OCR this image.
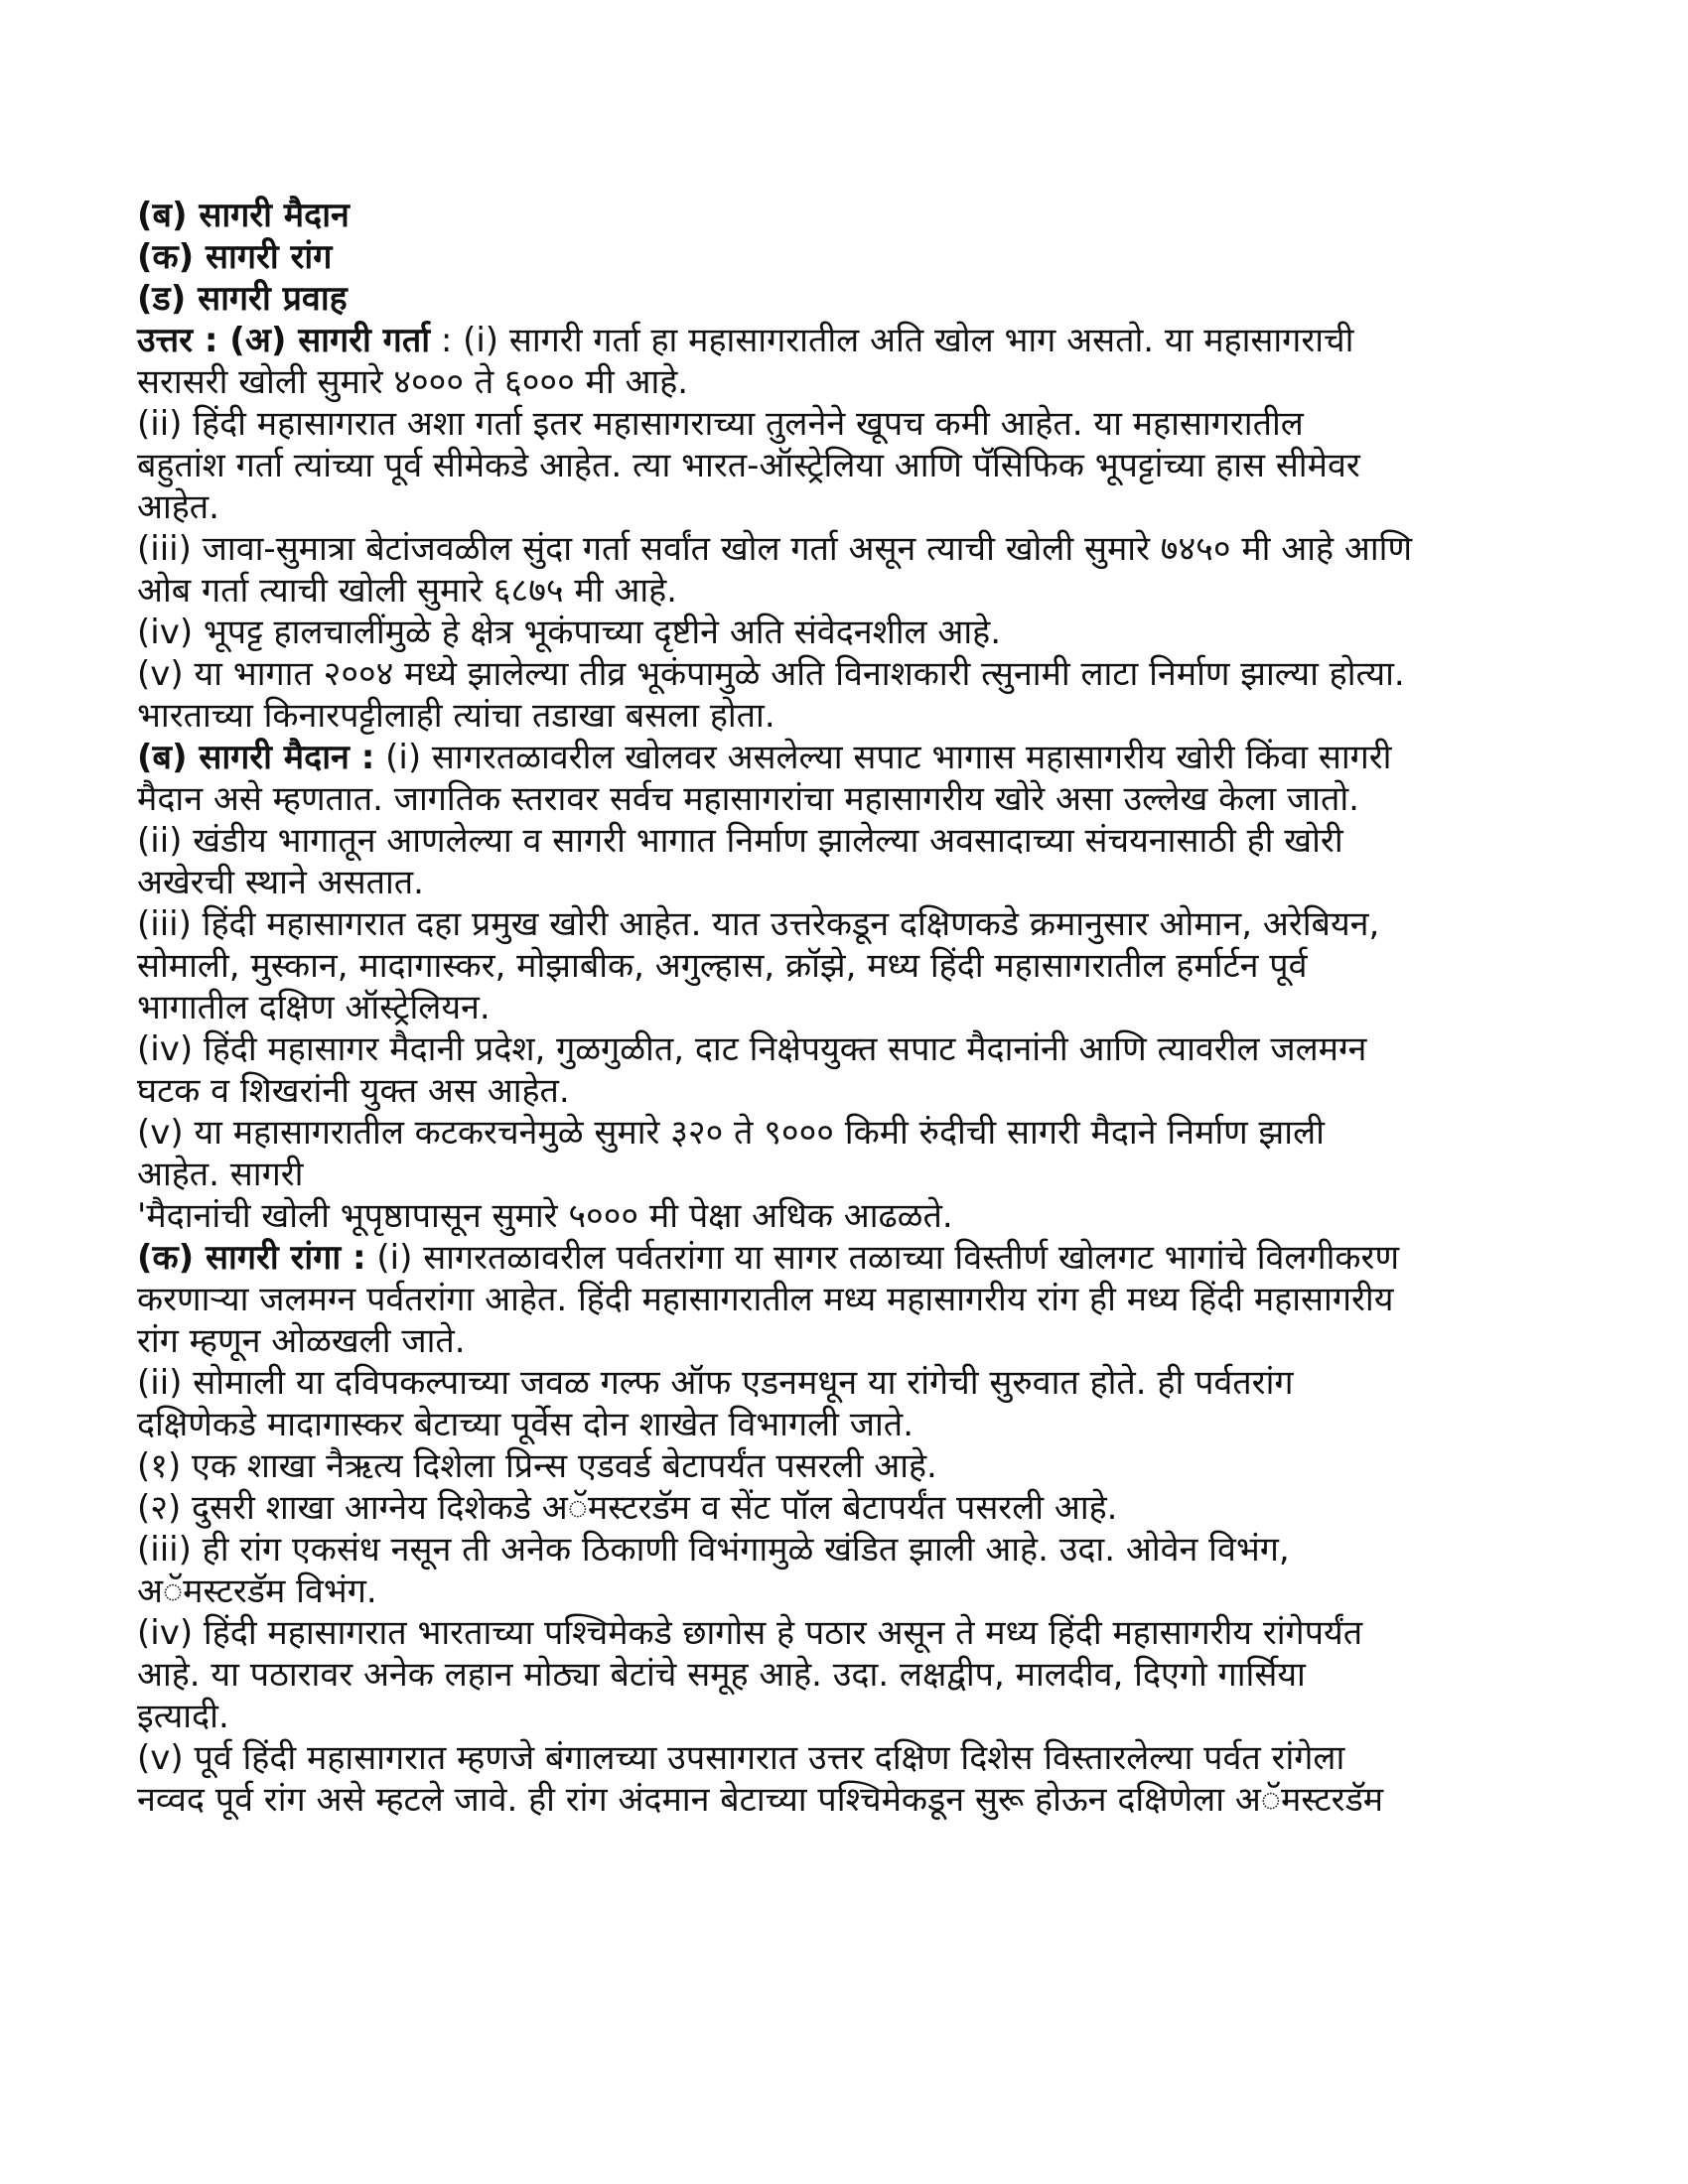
(ब) सागरी मैदान

(क) सागरी रांग

(ड) सागरी प्रवाह

उत्तर : (अ) सागरी गर्ता : (i) सागरी गर्ता हा महासागरातील अति खोल भाग असतो. या महासागराची

सरासरी खोली सुमारे ४००० ते ६००० मी आहे.

(ii) हिंदी महासागरात अशा गर्ता इतर महासागराच्या तुलनेने खूपच कमी आहेत. या महासागरातील

बहुतांश गर्ता त्यांच्या पूर्व सीमेकडे आहेत. त्या भारत-ऑस्ट्रेलिया आणि पॅसिफिक भूपट्टांच्या हास सीमेवर

आहेत.

(iii) जावा-सुमात्रा बेटांजवळील सुंदा गर्ता सर्वांत खोल गर्ता असून त्याची खोली सुमारे ७४५० मी आहे आणि

ओब गर्ता त्याची खोली सुमारे ६८७५ मी आहे.

(iv) भूपट्ट हालचालींमुळे हे क्षेत्र भूकंपाच्या दृष्टीने अति संवेदनशील आहे.

(v) या भागात २००४ मध्ये झालेल्या तीव्र भूकंपामुळे अति विनाशकारी त्सुनामी लाटा निर्माण झाल्या होत्या.

भारताच्या किनारपट्टीलाही त्यांचा तडाखा बसला होता.

(ब) सागरी मैदान : (i) सागरतळावरील खोलवर असलेल्या सपाट भागास महासागरीय खोरी किंवा सागरी

मैदान असे म्हणतात. जागतिक स्तरावर सर्वच महासागरांचा महासागरीय खोरे असा उल्लेख केला जातो.

(ii) खंडीय भागातून आणलेल्या व सागरी भागात निर्माण झालेल्या अवसादाच्या संचयनासाठी ही खोरी

अखेरची स्थाने असतात.

(iii) हिंदी महासागरात दहा प्रमुख खोरी आहेत. यात उत्तरेकडून दक्षिणकडे क्रमानुसार ओमान, अरेबियन,

सोमाली, मुस्कान, मादागास्कर, मोझाबीक, अगुल्हास, क्रॉझे, मध्य हिंदी महासागरातील हर्मार्टन पूर्व

भागातील दक्षिण ऑस्ट्रेलियन.

(iv) हिंदी महासागर मैदानी प्रदेश, गुळगुळीत, दाट निक्षेपयुक्त सपाट मैदानांनी आणि त्यावरील जलमग्न

घटक व शिखरांनी युक्त अस आहेत.

(v) या महासागरातील कटकरचनेमुळे सुमारे ३२० ते ९००० किमी रुंदीची सागरी मैदाने निर्माण झाली

आहेत. सागरी

'मैदानांची खोली भूपृष्ठापासून सुमारे ५००० मी पेक्षा अधिक आढळते.

(क) सागरी रांगा : (i) सागरतळावरील पर्वतरांगा या सागर तळाच्या विस्तीर्ण खोलगट भागांचे विलगीकरण

करणाऱ्या जलमग्न पर्वतरांगा आहेत. हिंदी महासागरातील मध्य महासागरीय रांग ही मध्य हिंदी महासागरीय

रांग म्हणून ओळखली जाते.

(ii) सोमाली या दविपकल्पाच्या जवळ गल्फ ऑफ एडनमधून या रांगेची सुरुवात होते. ही पर्वतरांग

दक्षिणेकडे मादागास्कर बेटाच्या पूर्वेस दोन शाखेत विभागली जाते.

(१) एक शाखा नैऋत्य दिशेला प्रिन्स एडवर्ड बेटापर्यंत पसरली आहे.

(२) दुसरी शाखा आग्नेय दिशेकडे अॅमस्टरडॅम व सेंट पॉल बेटापर्यंत पसरली आहे.

(iii) ही रांग एकसंध नसून ती अनेक ठिकाणी विभंगामुळे खंडित झाली आहे. उदा. ओवेन विभंग,

अॅमस्टरडॅम विभंग.

(iv) हिंदी महासागरात भारताच्या पश्चिमेकडे छागोस हे पठार असून ते मध्य हिंदी महासागरीय रांगेपर्यंत

आहे. या पठारावर अनेक लहान मोठ्या बेटांचे समूह आहे. उदा. लक्षद्वीप, मालदीव, दिएगो गार्सिया

इत्यादी.

(v) पूर्व हिंदी महासागरात म्हणजे बंगालच्या उपसागरात उत्तर दक्षिण दिशेस विस्तारलेल्या पर्वत रांगेला

नव्वद पूर्व रांग असे म्हटले जावे. ही रांग अंदमान बेटाच्या पश्चिमेकडून सुरू होऊन दक्षिणेला अॅमस्टरडॅम
